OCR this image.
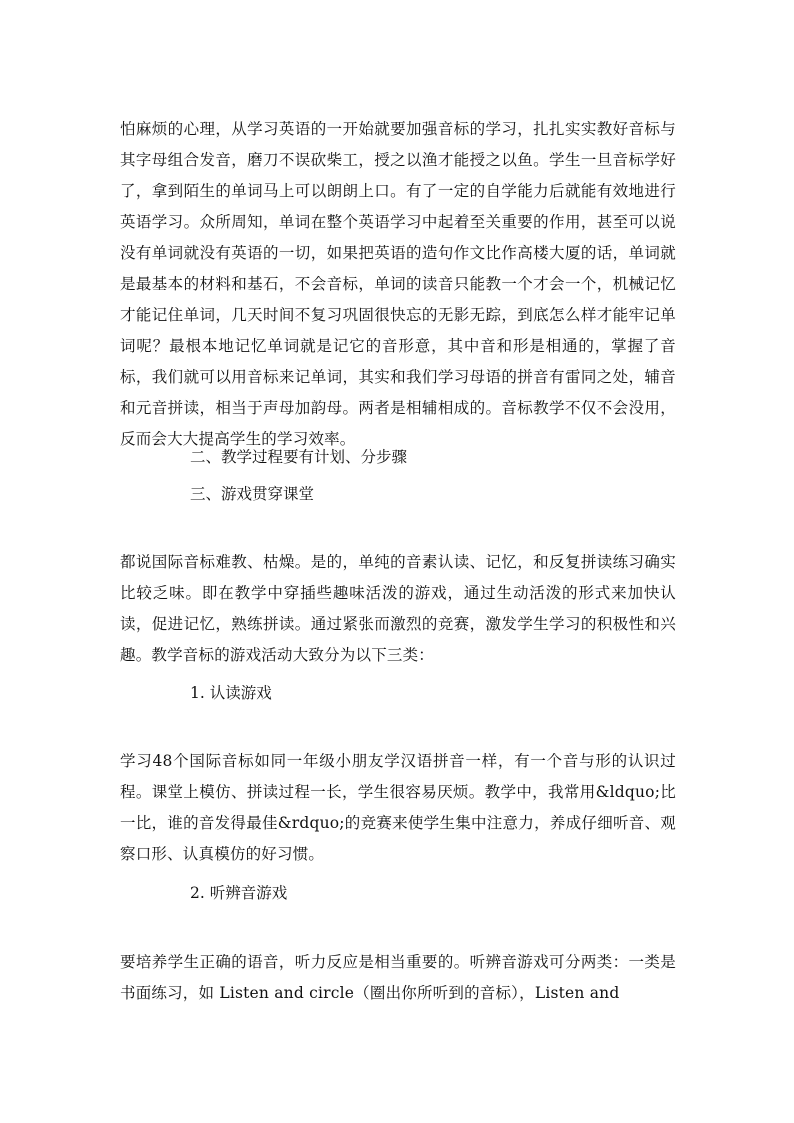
怕麻烦的心理，从学习英语的一开始就要加强音标的学习，扎扎实实教好音标与其字母组合发音，磨刀不误砍柴工，授之以渔才能授之以鱼。学生一旦音标学好了，拿到陌生的单词马上可以朗朗上口。有了一定的自学能力后就能有效地进行英语学习。众所周知，单词在整个英语学习中起着至关重要的作用，甚至可以说没有单词就没有英语的一切，如果把英语的造句作文比作高楼大厦的话，单词就是最基本的材料和基石，不会音标，单词的读音只能教一个才会一个，机械记忆才能记住单词，几天时间不复习巩固很快忘的无影无踪，到底怎么样才能牢记单词呢？最根本地记忆单词就是记它的音形意，其中音和形是相通的，掌握了音标，我们就可以用音标来记单词，其实和我们学习母语的拼音有雷同之处，辅音和元音拼读，相当于声母加韵母。两者是相辅相成的。音标教学不仅不会没用，反而会大大提高学生的学习效率。

二、教学过程要有计划、分步骤

三、游戏贯穿课堂

都说国际音标难教、枯燥。是的，单纯的音素认读、记忆，和反复拼读练习确实比较乏味。即在教学中穿插些趣味活泼的游戏，通过生动活泼的形式来加快认读，促进记忆，熟练拼读。通过紧张而激烈的竞赛，激发学生学习的积极性和兴趣。教学音标的游戏活动大致分为以下三类：

1. 认读游戏

学习48个国际音标如同一年级小朋友学汉语拼音一样，有一个音与形的认识过程。课堂上模仿、拼读过程一长，学生很容易厌烦。教学中，我常用&ldquo;比一比，谁的音发得最佳&rdquo;的竞赛来使学生集中注意力，养成仔细听音、观察口形、认真模仿的好习惯。

2. 听辨音游戏

要培养学生正确的语音，听力反应是相当重要的。听辨音游戏可分两类：一类是书面练习，如 Listen and circle（圈出你所听到的音标），Listen and
